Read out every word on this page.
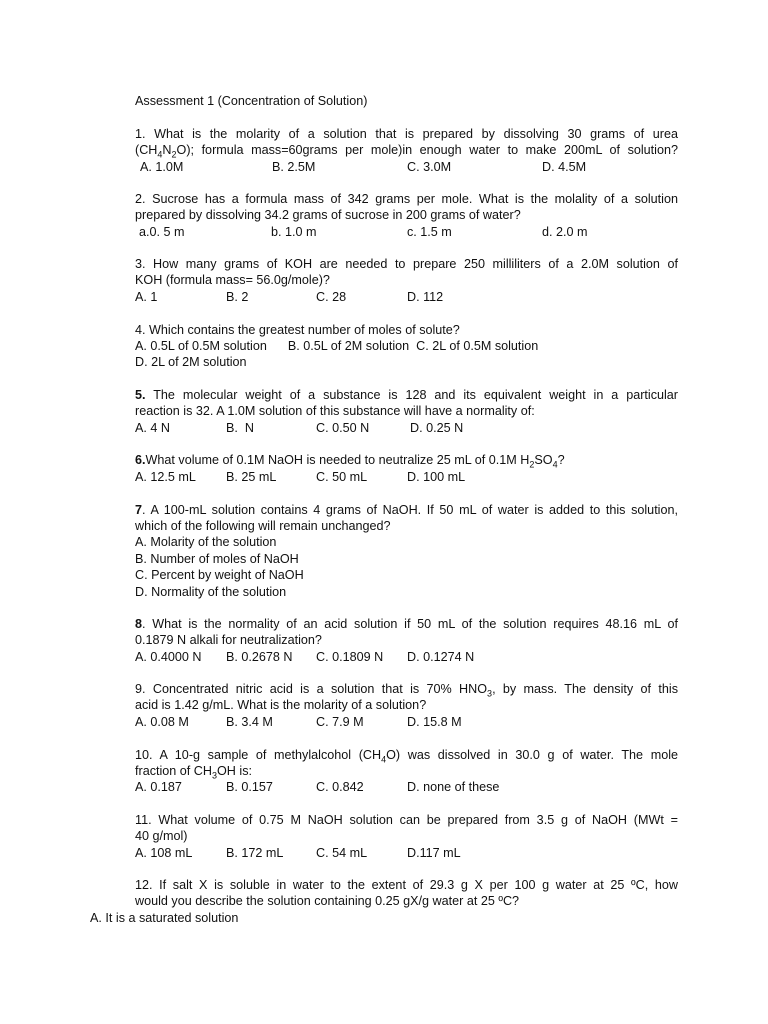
Assessment 1 (Concentration of Solution)
1. What is the molarity of a solution that is prepared by dissolving 30 grams of urea
$(CH_4N_2O)$; formula mass=60grams per mole)in enough water to make 200mL of solution?
A. 1.0M	B. 2.5M	C. 3.0M	D. 4.5M
2. Sucrose has a formula mass of 342 grams per mole. What is the molality of a solution
prepared by dissolving 34.2 grams of sucrose in 200 grams of water?
a.0. 5 m	b. 1.0 m	c. 1.5 m	d. 2.0 m
3. How many grams of KOH are needed to prepare 250 milliliters of a 2.0M solution of
KOH (formula mass= 56.0g/mole)?
A. 1	B. 2	C. 28	D. 112
4. Which contains the greatest number of moles of solute?
A. 0.5L of 0.5M solution      B. 0.5L of 2M solution  C. 2L of 0.5M solution
D. 2L of 2M solution
5. The molecular weight of a substance is 128 and its equivalent weight in a particular
reaction is 32. A 1.0M solution of this substance will have a normality of:
A. 4 N	B.  N	C. 0.50 N	D. 0.25 N
6.What volume of 0.1M NaOH is needed to neutralize 25 mL of 0.1M $H_2SO_4$?
A. 12.5 mL B. 25 mL	C. 50 mL	D. 100 mL
7. A 100-mL solution contains 4 grams of NaOH. If 50 mL of water is added to this solution,
which of the following will remain unchanged?
A. Molarity of the solution
B. Number of moles of NaOH
C. Percent by weight of NaOH
D. Normality of the solution
8. What is the normality of an acid solution if 50 mL of the solution requires 48.16 mL of
0.1879 N alkali for neutralization?
A. 0.4000 N B. 0.2678 N C. 0.1809 N D. 0.1274 N
9. Concentrated nitric acid is a solution that is 70% $HNO_3$, by mass. The density of this
acid is 1.42 g/mL. What is the molarity of a solution?
A. 0.08 M	B. 3.4 M	C. 7.9 M	D. 15.8 M
10. A 10-g sample of methylalcohol $(CH_4O)$ was dissolved in 30.0 g of water. The mole
fraction of $CH_3OH$ is:
A. 0.187	B. 0.157	C. 0.842	D. none of these
11. What volume of 0.75 M NaOH solution can be prepared from 3.5 g of NaOH (MWt =
40 g/mol)
A. 108 mL	B. 172 mL	C. 54 mL	D.117 mL
12. If salt X is soluble in water to the extent of 29.3 g X per 100 g water at 25 ºC, how
would you describe the solution containing 0.25 gX/g water at 25 ºC?
A. It is a saturated solution
